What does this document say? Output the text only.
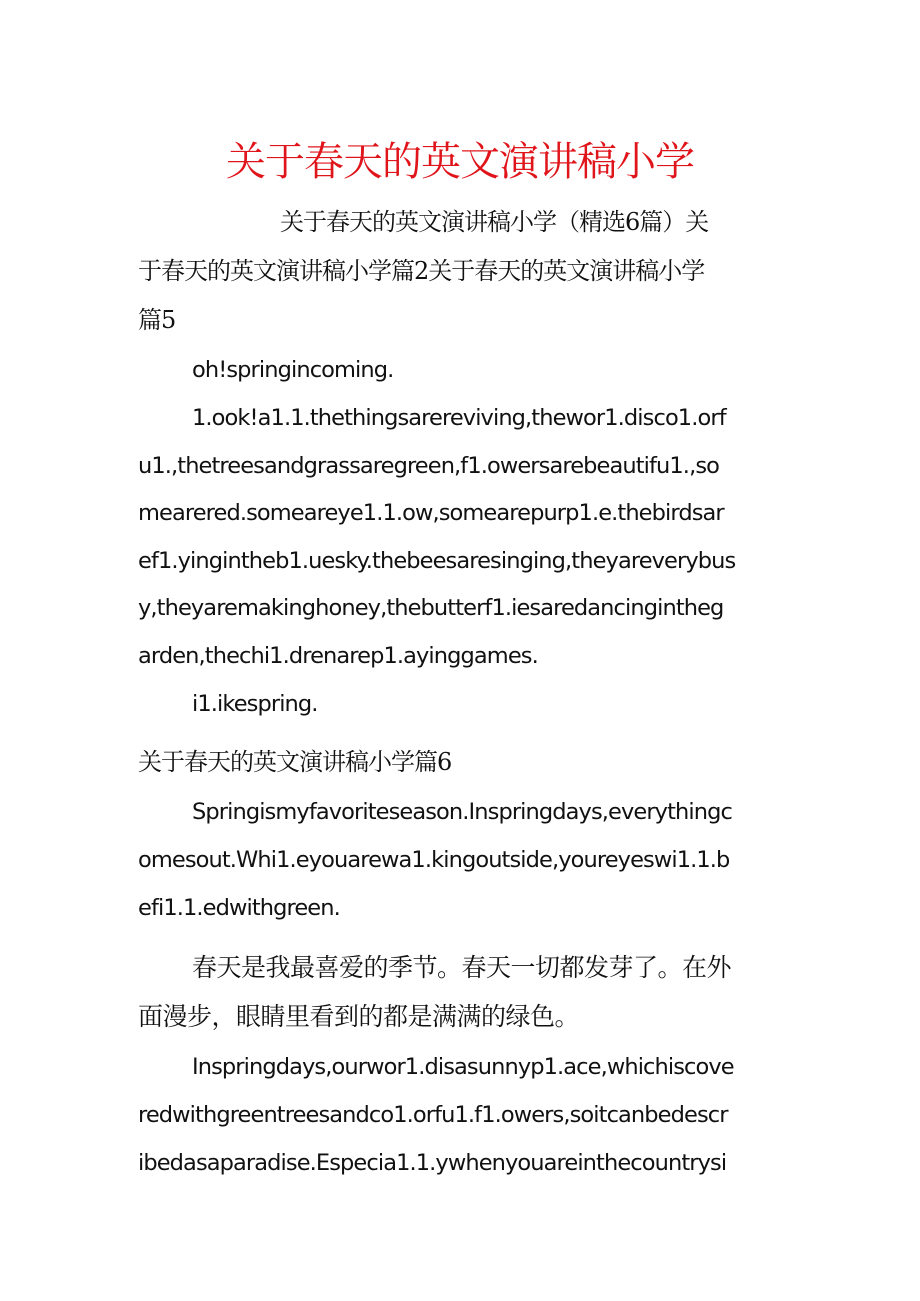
关于春天的英文演讲稿小学

关于春天的英文演讲稿小学（精选6篇）关

于春天的英文演讲稿小学篇2关于春天的英文演讲稿小学

篇5

oh!springincoming.

1.ook!a1.1.thethingsarereviving,thewor1.disco1.orf

u1.,thetreesandgrassaregreen,f1.owersarebeautifu1.,so

mearered.someareye1.1.ow,somearepurp1.e.thebirdsar

ef1.yingintheb1.uesky.thebeesaresinging,theyareverybus

y,theyaremakinghoney,thebutterf1.iesaredancingintheg

arden,thechi1.drenarep1.ayinggames.

i1.ikespring.

关于春天的英文演讲稿小学篇6

Springismyfavoriteseason.Inspringdays,everythingc

omesout.Whi1.eyouarewa1.kingoutside,youreyeswi1.1.b

efi1.1.edwithgreen.

春天是我最喜爱的季节。春天一切都发芽了。在外

面漫步，眼睛里看到的都是满满的绿色。

Inspringdays,ourwor1.disasunnyp1.ace,whichiscove

redwithgreentreesandco1.orfu1.f1.owers,soitcanbedescr

ibedasaparadise.Especia1.1.ywhenyouareinthecountrysi
